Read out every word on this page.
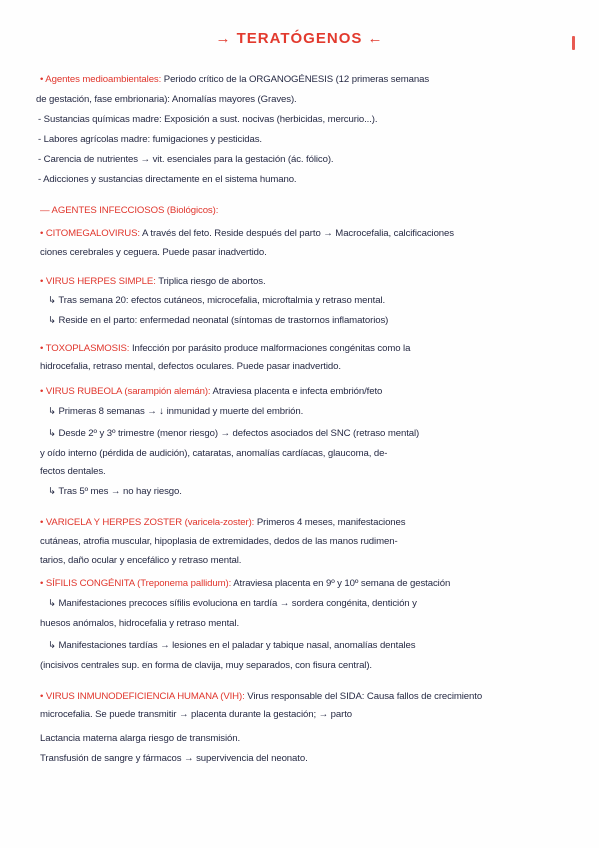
→ TERATÓGENOS ←
• Agentes medioambientales: Periodo crítico de la ORGANOGÉNESIS (12 primeras semanas
de gestación, fase embrionaria): Anomalías mayores (Graves).
- Sustancias químicas madre: Exposición a sust. nocivas (herbicidas, mercurio...).
- Labores agrícolas madre: fumigaciones y pesticidas.
- Carencia de nutrientes → vit. esenciales para la gestación (ác. fólico).
- Adicciones y sustancias directamente en el sistema humano.
— AGENTES INFECCIOSOS (Biológicos):
• CITOMEGALOVIRUS: A través del feto. Reside después del parto → Macrocefalia, calcificaciones
ciones cerebrales y ceguera. Puede pasar inadvertido.
• VIRUS HERPES SIMPLE: Triplica riesgo de abortos.
↳ Tras semana 20: efectos cutáneos, microcefalia, microftalmia y retraso mental.
↳ Reside en el parto: enfermedad neonatal (síntomas de trastornos inflamatorios)
• TOXOPLASMOSIS: Infección por parásito produce malformaciones congénitas como la
hidrocefalia, retraso mental, defectos oculares. Puede pasar inadvertido.
• VIRUS RUBEOLA (sarampión alemán): Atraviesa placenta e infecta embrión/feto
↳ Primeras 8 semanas → ↓ inmunidad y muerte del embrión.
↳ Desde 2º y 3º trimestre (menor riesgo) → defectos asociados del SNC (retraso mental)
y oído interno (pérdida de audición), cataratas, anomalías cardíacas, glaucoma, de-
fectos dentales.
↳ Tras 5º mes → no hay riesgo.
• VARICELA Y HERPES ZOSTER (varicela-zoster): Primeros 4 meses, manifestaciones
cutáneas, atrofia muscular, hipoplasia de extremidades, dedos de las manos rudimen-
tarios, daño ocular y encefálico y retraso mental.
• SÍFILIS CONGÉNITA (Treponema pallidum): Atraviesa placenta en 9º y 10º semana de gestación
↳ Manifestaciones precoces sífilis evoluciona en tardía → sordera congénita, dentición y
huesos anómalos, hidrocefalia y retraso mental.
↳ Manifestaciones tardías → lesiones en el paladar y tabique nasal, anomalías dentales
(incisivos centrales sup. en forma de clavija, muy separados, con fisura central).
• VIRUS INMUNODEFICIENCIA HUMANA (VIH): Virus responsable del SIDA: Causa fallos de crecimiento
microcefalia. Se puede transmitir → placenta durante la gestación; → parto
Lactancia materna alarga riesgo de transmisión.
Transfusión de sangre y fármacos → supervivencia del neonato.
